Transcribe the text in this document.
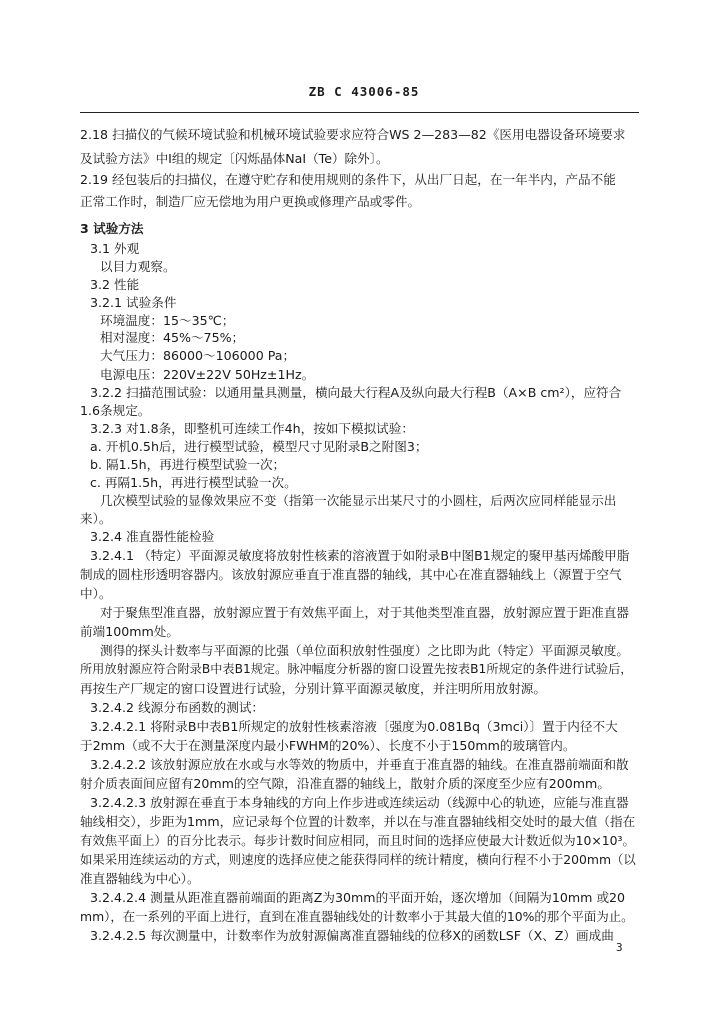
ZB C 43006-85
2.18 扫描仪的气候环境试验和机械环境试验要求应符合WS 2—283—82《医用电器设备环境要求
及试验方法》中Ⅰ组的规定〔闪烁晶体NaI（Te）除外〕。
2.19 经包装后的扫描仪，在遵守贮存和使用规则的条件下，从出厂日起，在一年半内，产品不能
正常工作时，制造厂应无偿地为用户更换或修理产品或零件。
3 试验方法
3.1 外观
以目力观察。
3.2 性能
3.2.1 试验条件
环境温度：15～35℃；
相对湿度：45%～75%；
大气压力：86000～106000 Pa；
电源电压：220V±22V 50Hz±1Hz。
3.2.2 扫描范围试验：以通用量具测量，横向最大行程A及纵向最大行程B（A×B cm²），应符合
1.6条规定。
3.2.3 对1.8条，即整机可连续工作4h，按如下模拟试验：
a. 开机0.5h后，进行模型试验，模型尺寸见附录B之附图3；
b. 隔1.5h，再进行模型试验一次；
c. 再隔1.5h，再进行模型试验一次。
几次模型试验的显像效果应不变（指第一次能显示出某尺寸的小圆柱，后两次应同样能显示出
来）。
3.2.4 准直器性能检验
3.2.4.1 （特定）平面源灵敏度将放射性核素的溶液置于如附录B中图B1规定的聚甲基丙烯酸甲脂
制成的圆柱形透明容器内。该放射源应垂直于准直器的轴线，其中心在准直器轴线上（源置于空气
中）。
对于聚焦型准直器，放射源应置于有效焦平面上，对于其他类型准直器，放射源应置于距准直器
前端100mm处。
测得的探头计数率与平面源的比强（单位面积放射性强度）之比即为此（特定）平面源灵敏度。
所用放射源应符合附录B中表B1规定。脉冲幅度分析器的窗口设置先按表B1所规定的条件进行试验后，
再按生产厂规定的窗口设置进行试验，分别计算平面源灵敏度，并注明所用放射源。
3.2.4.2 线源分布函数的测试：
3.2.4.2.1 将附录B中表B1所规定的放射性核素溶液〔强度为0.081Bq（3mci）〕置于内径不大
于2mm（或不大于在测量深度内最小FWHM的20%）、长度不小于150mm的玻璃管内。
3.2.4.2.2 该放射源应放在水或与水等效的物质中，并垂直于准直器的轴线。在准直器前端面和散
射介质表面间应留有20mm的空气隙，沿准直器的轴线上，散射介质的深度至少应有200mm。
3.2.4.2.3 放射源在垂直于本身轴线的方向上作步进或连续运动（线源中心的轨迹，应能与准直器
轴线相交），步距为1mm，应记录每个位置的计数率，并以在与准直器轴线相交处时的最大值（指在
有效焦平面上）的百分比表示。每步计数时间应相同，而且时间的选择应使最大计数近似为10×10³。
如果采用连续运动的方式，则速度的选择应使之能获得同样的统计精度，横向行程不小于200mm（以
准直器轴线为中心）。
3.2.4.2.4 测量从距准直器前端面的距离Z为30mm的平面开始，逐次增加（间隔为10mm 或20
mm），在一系列的平面上进行，直到在准直器轴线处的计数率小于其最大值的10%的那个平面为止。
3.2.4.2.5 每次测量中，计数率作为放射源偏离准直器轴线的位移X的函数LSF（X、Z）画成曲
3
